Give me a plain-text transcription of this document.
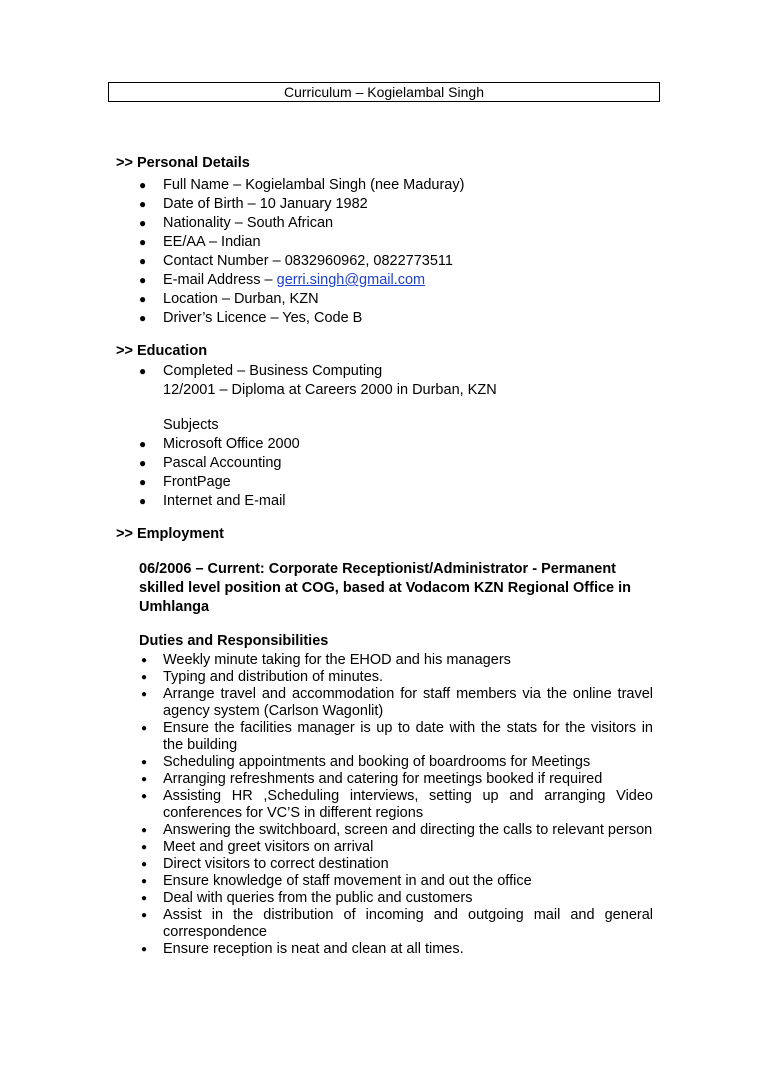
Curriculum – Kogielambal Singh
>> Personal Details
● Full Name – Kogielambal Singh (nee Maduray)
● Date of Birth – 10 January 1982
● Nationality – South African
● EE/AA – Indian
● Contact Number – 0832960962, 0822773511
● E-mail Address – gerri.singh@gmail.com
● Location – Durban, KZN
● Driver’s Licence – Yes, Code B
>> Education
● Completed – Business Computing
12/2001 – Diploma at Careers 2000 in Durban, KZN
Subjects
● Microsoft Office 2000
● Pascal Accounting
● FrontPage
● Internet and E-mail
>> Employment
06/2006 – Current: Corporate Receptionist/Administrator - Permanent skilled level position at COG, based at Vodacom KZN Regional Office in Umhlanga
Duties and Responsibilities
● Weekly minute taking for the EHOD and his managers
● Typing and distribution of minutes.
● Arrange travel and accommodation for staff members via the online travel agency system (Carlson Wagonlit)
● Ensure the facilities manager is up to date with the stats for the visitors in the building
● Scheduling appointments and booking of boardrooms for Meetings
● Arranging refreshments and catering for meetings booked if required
● Assisting HR ,Scheduling interviews, setting up and arranging Video conferences for VC’S in different regions
● Answering the switchboard, screen and directing the calls to relevant person
● Meet and greet visitors on arrival
● Direct visitors to correct destination
● Ensure knowledge of staff movement in and out the office
● Deal with queries from the public and customers
● Assist in the distribution of incoming and outgoing mail and general correspondence
● Ensure reception is neat and clean at all times.
